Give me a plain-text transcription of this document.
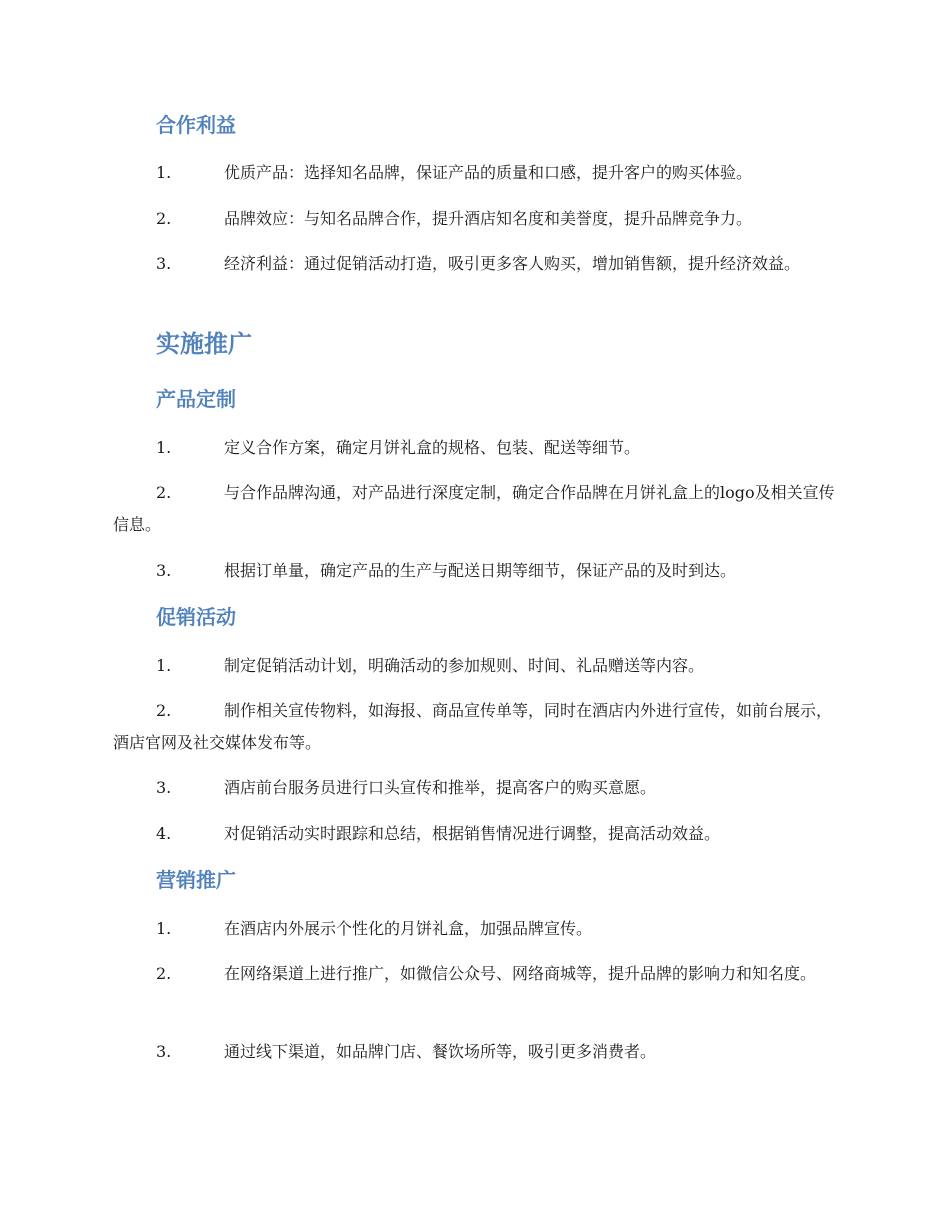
合作利益

1.	优质产品：选择知名品牌，保证产品的质量和口感，提升客户的购买体验。

2.	品牌效应：与知名品牌合作，提升酒店知名度和美誉度，提升品牌竞争力。

3.	经济利益：通过促销活动打造，吸引更多客人购买，增加销售额，提升经济效益。

实施推广
产品定制

1.	定义合作方案，确定月饼礼盒的规格、包装、配送等细节。

2.	与合作品牌沟通，对产品进行深度定制，确定合作品牌在月饼礼盒上的logo及相关宣传信息。

3.	根据订单量，确定产品的生产与配送日期等细节，保证产品的及时到达。

促销活动

1.	制定促销活动计划，明确活动的参加规则、时间、礼品赠送等内容。

2.	制作相关宣传物料，如海报、商品宣传单等，同时在酒店内外进行宣传，如前台展示，酒店官网及社交媒体发布等。

3.	酒店前台服务员进行口头宣传和推举，提高客户的购买意愿。

4.	对促销活动实时跟踪和总结，根据销售情况进行调整，提高活动效益。

营销推广

1.	在酒店内外展示个性化的月饼礼盒，加强品牌宣传。

2.	在网络渠道上进行推广，如微信公众号、网络商城等，提升品牌的影响力和知名度。

3.	通过线下渠道，如品牌门店、餐饮场所等，吸引更多消费者。
